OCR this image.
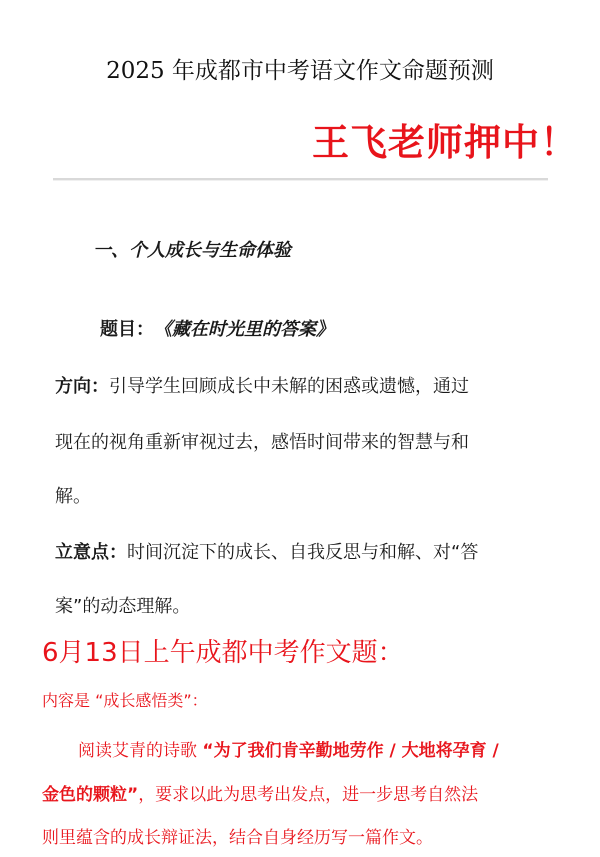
2025 年成都市中考语文作文命题预测
王飞老师押中！
一、个人成长与生命体验
题目：《藏在时光里的答案》
方向：引导学生回顾成长中未解的困惑或遗憾，通过
现在的视角重新审视过去，感悟时间带来的智慧与和
解。
立意点：时间沉淀下的成长、自我反思与和解、对“答
案”的动态理解。
6月13日上午成都中考作文题：
内容是 “成长感悟类”：
阅读艾青的诗歌 “为了我们肯辛勤地劳作 / 大地将孕育 /
金色的颗粒”，要求以此为思考出发点，进一步思考自然法
则里蕴含的成长辩证法，结合自身经历写一篇作文。
